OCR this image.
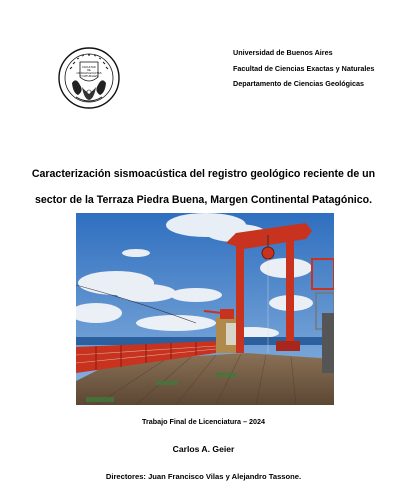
FACULTAD
DE
CIENCIAS EXACTAS
Y NATURALES
Universidad de Buenos Aires
Facultad de Ciencias Exactas y Naturales
Departamento de Ciencias Geológicas
Caracterización sismoacústica del registro geológico reciente de un
sector de la Terraza Piedra Buena, Margen Continental Patagónico.
Trabajo Final de Licenciatura – 2024
Carlos A. Geier
Directores: Juan Francisco Vilas y Alejandro Tassone.
